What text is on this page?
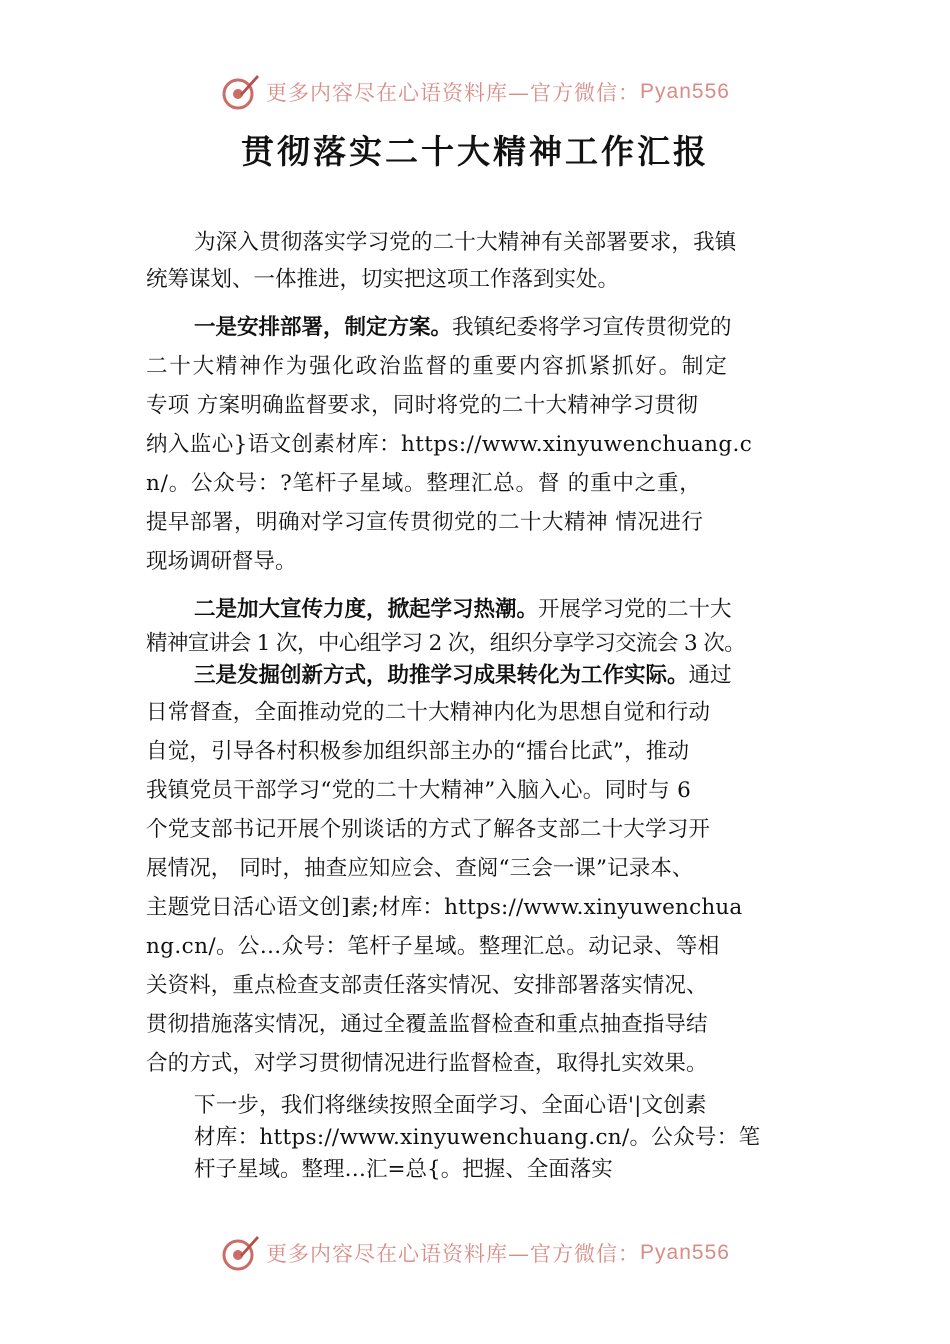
更多内容尽在心语资料库—官方微信： Pyan556
贯彻落实二十大精神工作汇报
为深入贯彻落实学习党的二十大精神有关部署要求，我镇
统筹谋划、一体推进，切实把这项工作落到实处。
一是安排部署，制定方案。我镇纪委将学习宣传贯彻党的
二十大精神作为强化政治监督的重要内容抓紧抓好。制定
专项 方案明确监督要求，同时将党的二十大精神学习贯彻
纳入监心}语文创素材库：https://www.xinyuwenchuang.c
n/。公众号：?笔杆子星域。整理汇总。督 的重中之重，
提早部署，明确对学习宣传贯彻党的二十大精神 情况进行
现场调研督导。
二是加大宣传力度，掀起学习热潮。开展学习党的二十大
精神宣讲会 1 次，中心组学习 2 次，组织分享学习交流会 3 次。
三是发掘创新方式，助推学习成果转化为工作实际。通过
日常督查，全面推动党的二十大精神内化为思想自觉和行动
自觉，引导各村积极参加组织部主办的“擂台比武”，推动
我镇党员干部学习“党的二十大精神”入脑入心。同时与 6
个党支部书记开展个别谈话的方式了解各支部二十大学习开
展情况， 同时，抽查应知应会、查阅“三会一课”记录本、
主题党日活心语文创]素;材库：https://www.xinyuwenchua
ng.cn/。公…众号：笔杆子星域。整理汇总。动记录、等相
关资料，重点检查支部责任落实情况、安排部署落实情况、
贯彻措施落实情况，通过全覆盖监督检查和重点抽查指导结
合的方式，对学习贯彻情况进行监督检查，取得扎实效果。
下一步，我们将继续按照全面学习、全面心语'|文创素
材库：https://www.xinyuwenchuang.cn/。公众号：笔
杆子星域。整理…汇=总{。把握、全面落实
更多内容尽在心语资料库—官方微信： Pyan556
